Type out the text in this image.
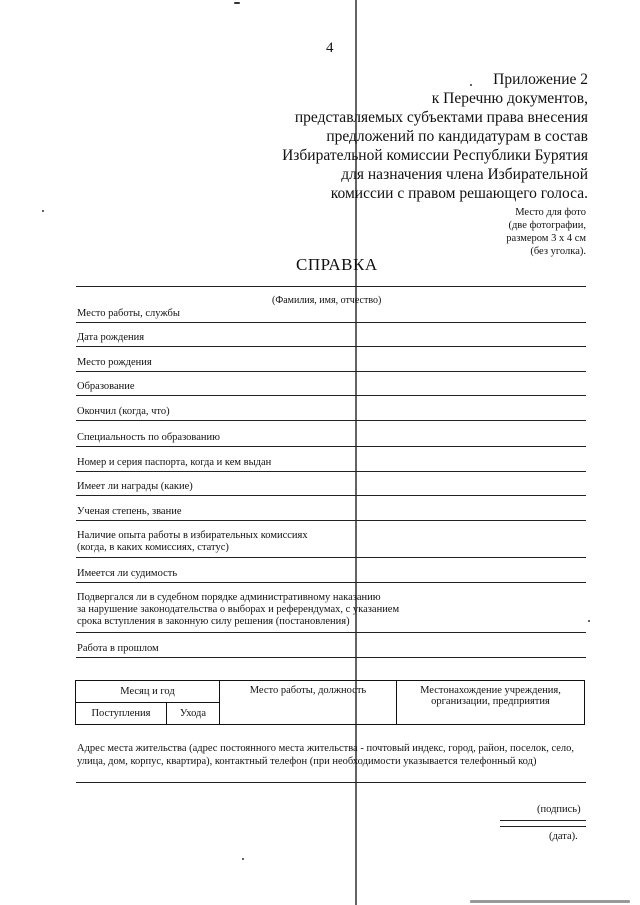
4
Приложение 2
к Перечню документов,
представляемых субъектами права внесения
предложений по кандидатурам в состав
Избирательной комиссии Республики Бурятия
для назначения члена Избирательной
комиссии с правом решающего голоса.
Место для фото
(две фотографии,
размером 3 х 4 см
(без уголка).
СПРАВКА
(Фамилия, имя, отчество)
Место работы, службы
Дата рождения
Место рождения
Образование
Окончил (когда, что)
Специальность по образованию
Номер и серия паспорта, когда и кем выдан
Имеет ли награды (какие)
Ученая степень, звание
Наличие опыта работы в избирательных комиссиях
(когда, в каких комиссиях, статус)
Имеется ли судимость
Подвергался ли в судебном порядке административному наказанию
за нарушение законодательства о выборах и референдумах, с указанием
срока вступления в законную силу решения (постановления)
Работа в прошлом
Месяц и год		Место работы, должность	Местонахождение учреждения, организации, предприятия
Поступления	Ухода		
Адрес места жительства (адрес постоянного места жительства - почтовый индекс, город, район, поселок, село, улица, дом, корпус, квартира), контактный телефон (при необходимости указывается телефонный код)
(подпись)
(дата).
